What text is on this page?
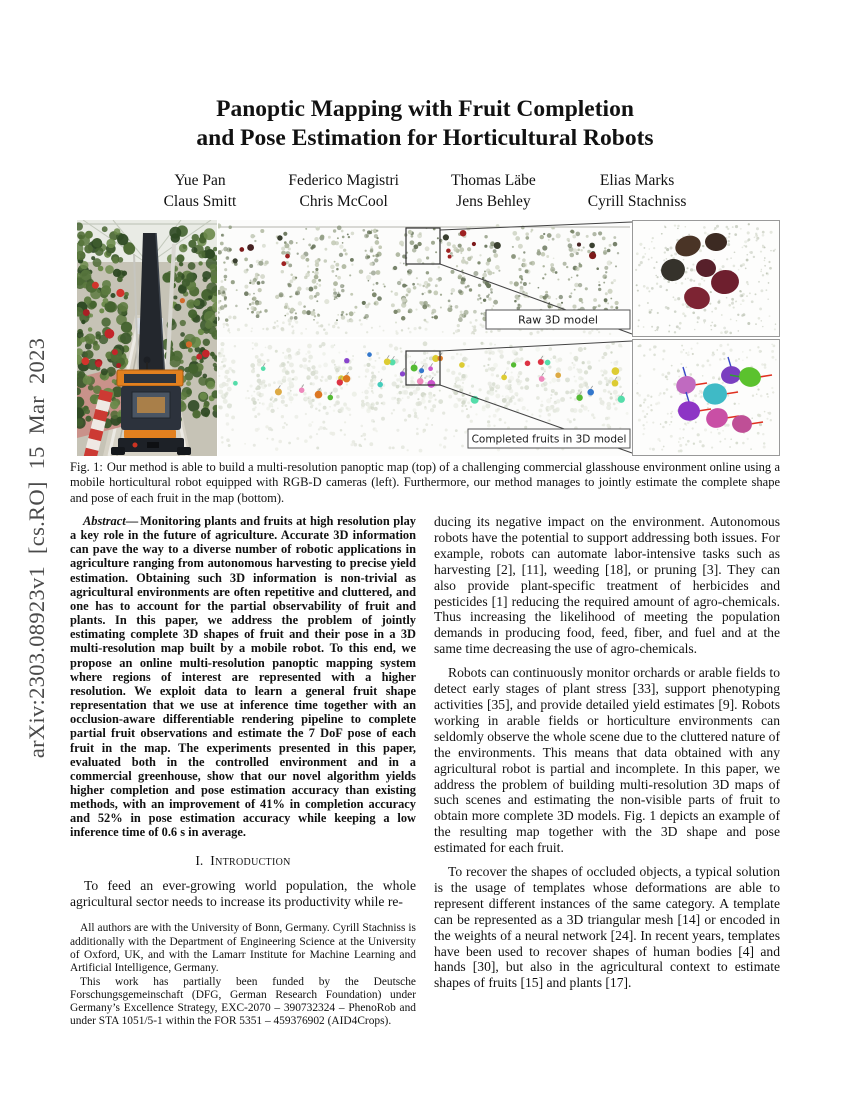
arXiv:2303.08923v1 [cs.RO] 15 Mar 2023
Panoptic Mapping with Fruit Completion
and Pose Estimation for Horticultural Robots
Yue Pan
Claus Smitt
Federico Magistri
Chris McCool
Thomas Läbe
Jens Behley
Elias Marks
Cyrill Stachniss
Raw 3D model
Completed fruits in 3D model
Fig. 1: Our method is able to build a multi-resolution panoptic map (top) of a challenging commercial glasshouse environment online using a mobile horticultural robot equipped with RGB-D cameras (left). Furthermore, our method manages to jointly estimate the complete shape and pose of each fruit in the map (bottom).

Abstract— Monitoring plants and fruits at high resolution play a key role in the future of agriculture. Accurate 3D information can pave the way to a diverse number of robotic applications in agriculture ranging from autonomous harvesting to precise yield estimation. Obtaining such 3D information is non-trivial as agricultural environments are often repetitive and cluttered, and one has to account for the partial observability of fruit and plants. In this paper, we address the problem of jointly estimating complete 3D shapes of fruit and their pose in a 3D multi-resolution map built by a mobile robot. To this end, we propose an online multi-resolution panoptic mapping system where regions of interest are represented with a higher resolution. We exploit data to learn a general fruit shape representation that we use at inference time together with an occlusion-aware differentiable rendering pipeline to complete partial fruit observations and estimate the 7 DoF pose of each fruit in the map. The experiments presented in this paper, evaluated both in the controlled environment and in a commercial greenhouse, show that our novel algorithm yields higher completion and pose estimation accuracy than existing methods, with an improvement of 41% in completion accuracy and 52% in pose estimation accuracy while keeping a low inference time of 0.6 s in average.

I. Introduction

To feed an ever-growing world population, the whole agricultural sector needs to increase its productivity while re-

All authors are with the University of Bonn, Germany. Cyrill Stachniss is additionally with the Department of Engineering Science at the University of Oxford, UK, and with the Lamarr Institute for Machine Learning and Artificial Intelligence, Germany.

This work has partially been funded by the Deutsche Forschungsgemeinschaft (DFG, German Research Foundation) under Germany’s Excellence Strategy, EXC-2070 – 390732324 – PhenoRob and under STA 1051/5-1 within the FOR 5351 – 459376902 (AID4Crops).

ducing its negative impact on the environment. Autonomous robots have the potential to support addressing both issues. For example, robots can automate labor-intensive tasks such as harvesting [2], [11], weeding [18], or pruning [3]. They can also provide plant-specific treatment of herbicides and pesticides [1] reducing the required amount of agro-chemicals. Thus increasing the likelihood of meeting the population demands in producing food, feed, fiber, and fuel and at the same time decreasing the use of agro-chemicals.

Robots can continuously monitor orchards or arable fields to detect early stages of plant stress [33], support phenotyping activities [35], and provide detailed yield estimates [9]. Robots working in arable fields or horticulture environments can seldomly observe the whole scene due to the cluttered nature of the environments. This means that data obtained with any agricultural robot is partial and incomplete. In this paper, we address the problem of building multi-resolution 3D maps of such scenes and estimating the non-visible parts of fruit to obtain more complete 3D models. Fig. 1 depicts an example of the resulting map together with the 3D shape and pose estimated for each fruit.

To recover the shapes of occluded objects, a typical solution is the usage of templates whose deformations are able to represent different instances of the same category. A template can be represented as a 3D triangular mesh [14] or encoded in the weights of a neural network [24]. In recent years, templates have been used to recover shapes of human bodies [4] and hands [30], but also in the agricultural context to estimate shapes of fruits [15] and plants [17].
